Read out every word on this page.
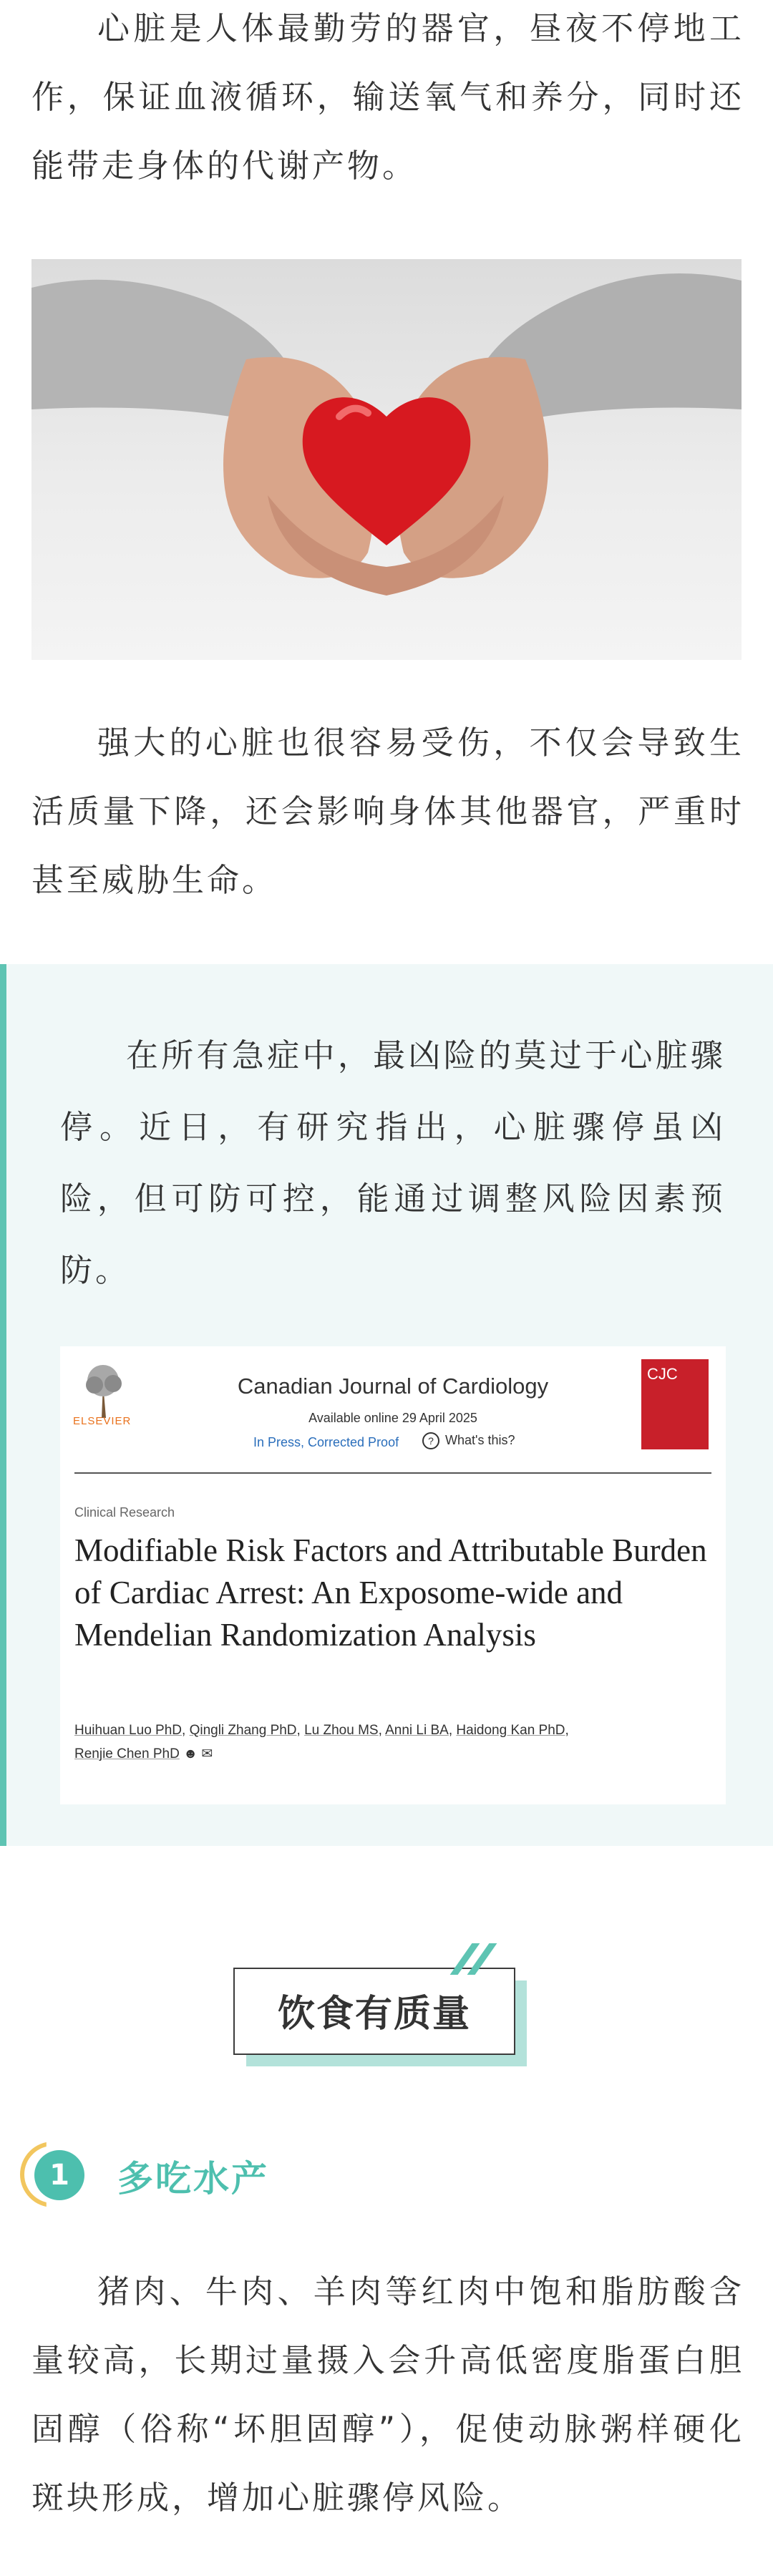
心脏是人体最勤劳的器官，昼夜不停地工作，保证血液循环，输送氧气和养分，同时还能带走身体的代谢产物。

强大的心脏也很容易受伤，不仅会导致生活质量下降，还会影响身体其他器官，严重时甚至威胁生命。

在所有急症中，最凶险的莫过于心脏骤停。近日，有研究指出，心脏骤停虽凶险，但可防可控，能通过调整风险因素预防。

ELSEVIER
Canadian Journal of Cardiology
Available online 29 April 2025
In Press, Corrected Proof	? What's this?
CJC
Clinical Research

Modifiable Risk Factors and Attributable Burden of Cardiac Arrest: An Exposome-wide and Mendelian Randomization Analysis

Huihuan Luo PhD, Qingli Zhang PhD, Lu Zhou MS, Anni Li BA, Haidong Kan PhD,
Renjie Chen PhD ☻ ✉
饮食有质量
1	多吃水产

猪肉、牛肉、羊肉等红肉中饱和脂肪酸含量较高，长期过量摄入会升高低密度脂蛋白胆固醇（俗称“坏胆固醇”），促使动脉粥样硬化斑块形成，增加心脏骤停风险。
